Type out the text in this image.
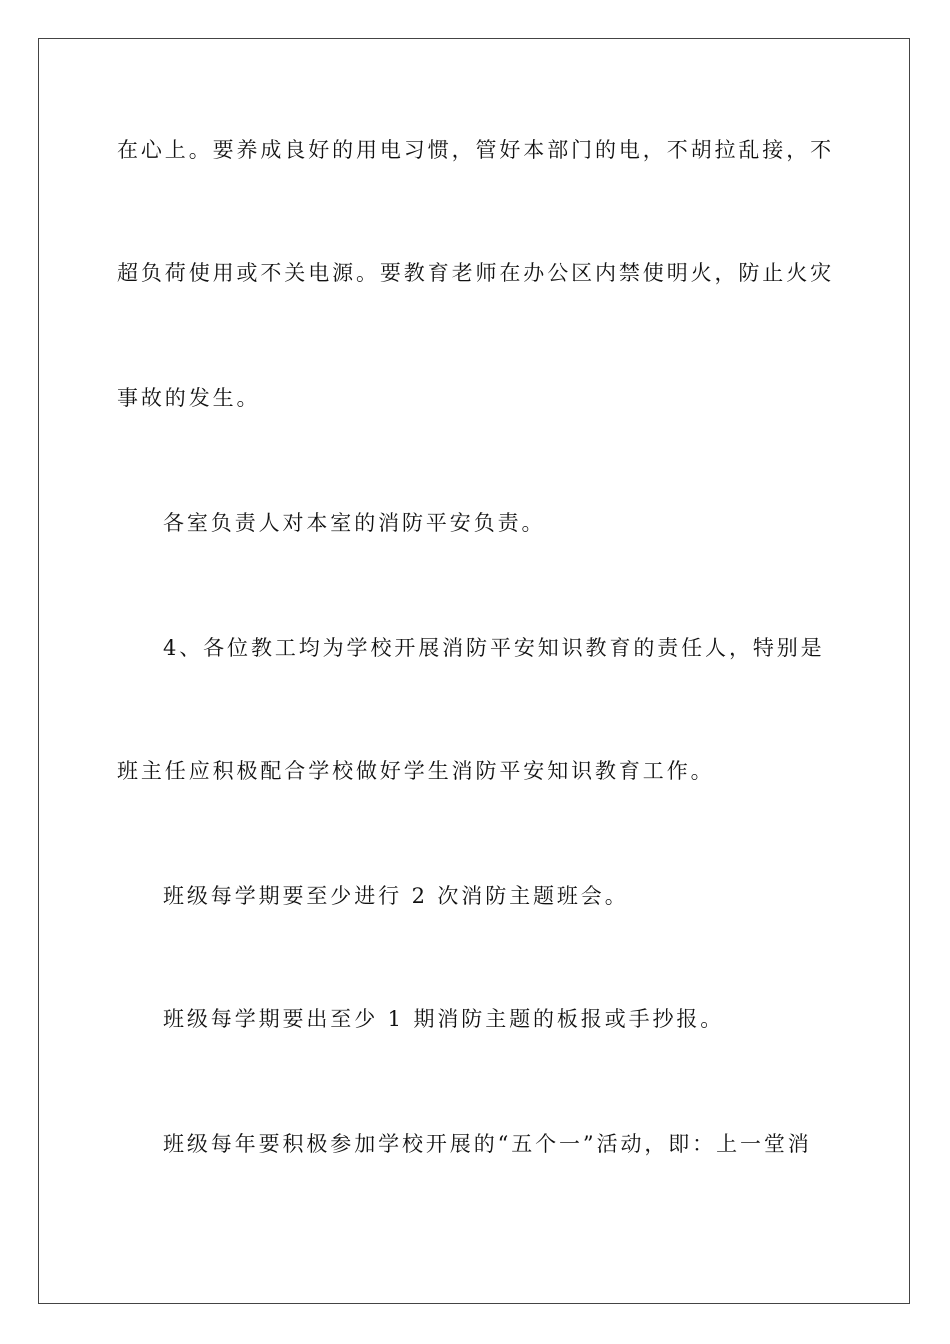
在心上。要养成良好的用电习惯，管好本部门的电，不胡拉乱接，不
超负荷使用或不关电源。要教育老师在办公区内禁使明火，防止火灾
事故的发生。
各室负责人对本室的消防平安负责。
4、各位教工均为学校开展消防平安知识教育的责任人，特别是
班主任应积极配合学校做好学生消防平安知识教育工作。
班级每学期要至少进行 2 次消防主题班会。
班级每学期要出至少 1 期消防主题的板报或手抄报。
班级每年要积极参加学校开展的“五个一”活动，即：上一堂消
